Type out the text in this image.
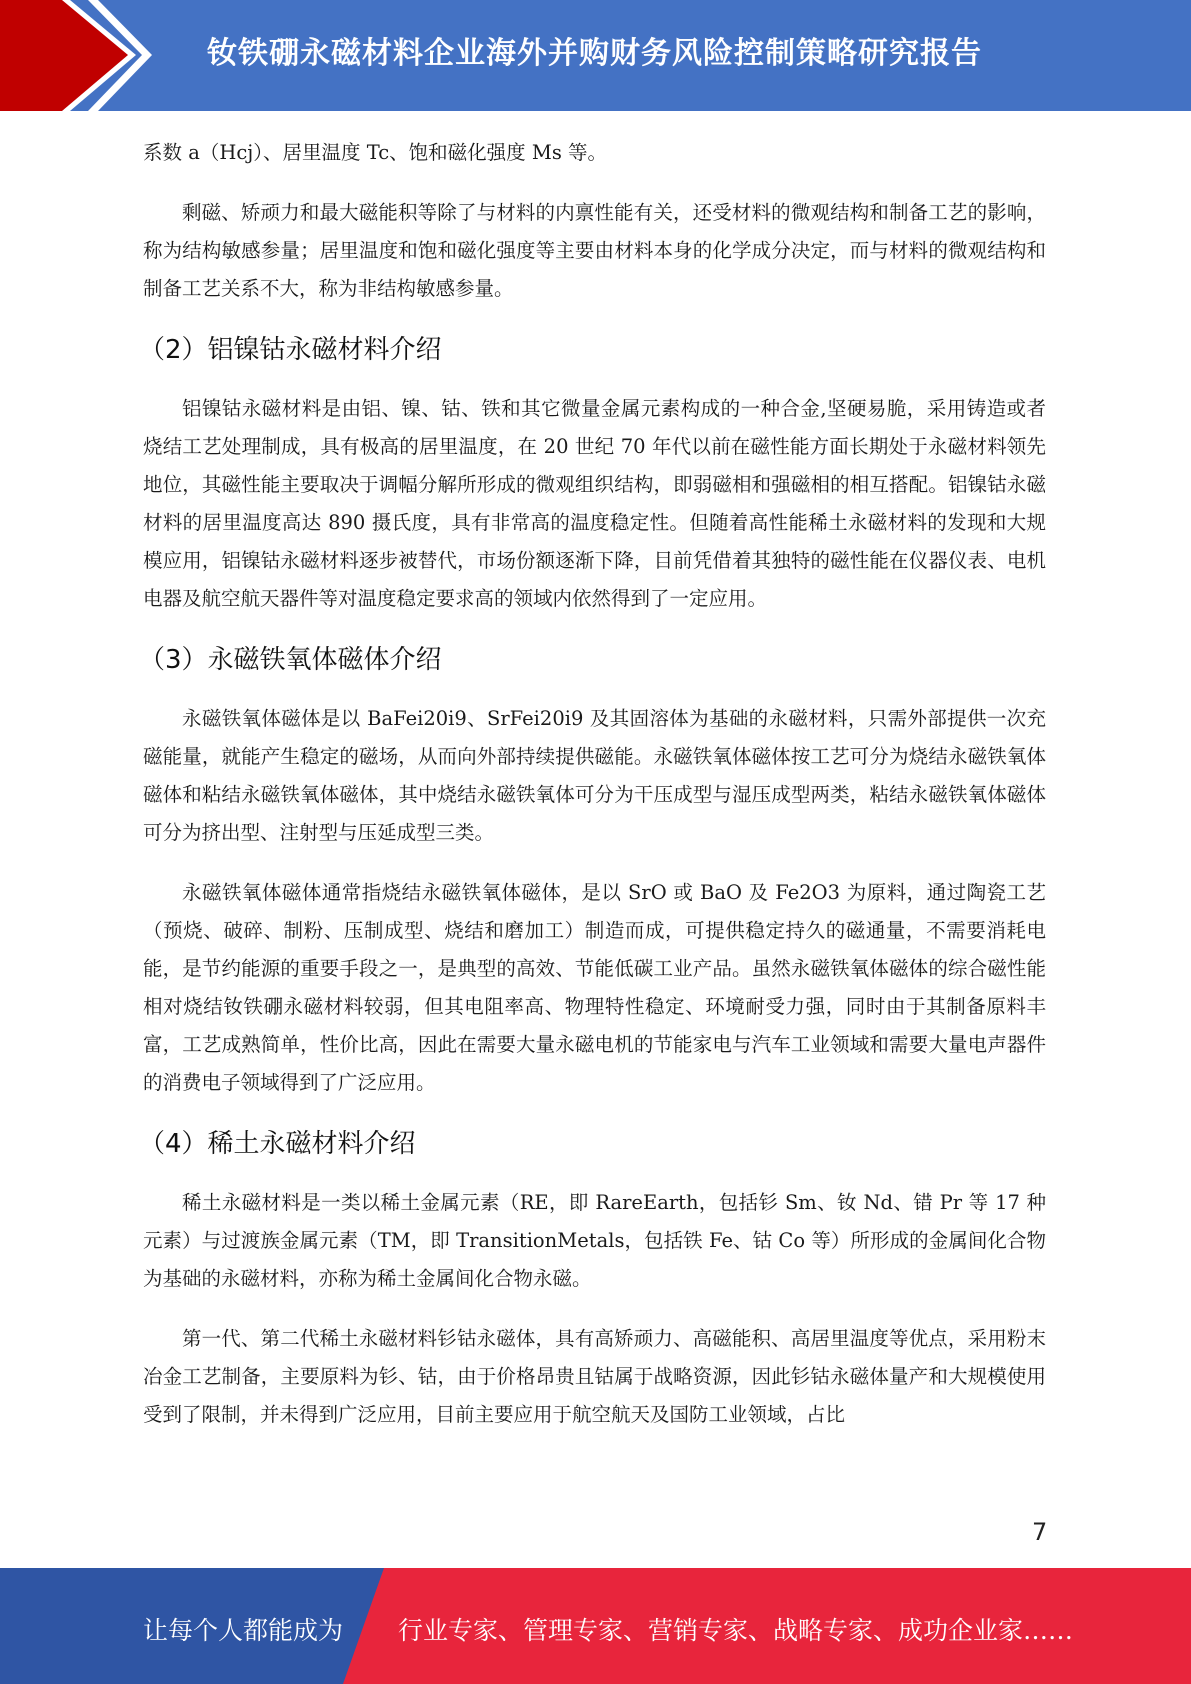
钕铁硼永磁材料企业海外并购财务风险控制策略研究报告

系数 a（Hcj）、居里温度 Tc、饱和磁化强度 Ms 等。

剩磁、矫顽力和最大磁能积等除了与材料的内禀性能有关，还受材料的微观结构和制备工艺的影响，称为结构敏感参量；居里温度和饱和磁化强度等主要由材料本身的化学成分决定，而与材料的微观结构和制备工艺关系不大，称为非结构敏感参量。

（2）铝镍钴永磁材料介绍

铝镍钴永磁材料是由铝、镍、钴、铁和其它微量金属元素构成的一种合金,坚硬易脆，采用铸造或者烧结工艺处理制成，具有极高的居里温度，在 20 世纪 70 年代以前在磁性能方面长期处于永磁材料领先地位，其磁性能主要取决于调幅分解所形成的微观组织结构，即弱磁相和强磁相的相互搭配。铝镍钴永磁材料的居里温度高达 890 摄氏度，具有非常高的温度稳定性。但随着高性能稀土永磁材料的发现和大规模应用，铝镍钴永磁材料逐步被替代，市场份额逐渐下降，目前凭借着其独特的磁性能在仪器仪表、电机电器及航空航天器件等对温度稳定要求高的领域内依然得到了一定应用。

（3）永磁铁氧体磁体介绍

永磁铁氧体磁体是以 BaFei20i9、SrFei20i9 及其固溶体为基础的永磁材料，只需外部提供一次充磁能量，就能产生稳定的磁场，从而向外部持续提供磁能。永磁铁氧体磁体按工艺可分为烧结永磁铁氧体磁体和粘结永磁铁氧体磁体，其中烧结永磁铁氧体可分为干压成型与湿压成型两类，粘结永磁铁氧体磁体可分为挤出型、注射型与压延成型三类。

永磁铁氧体磁体通常指烧结永磁铁氧体磁体，是以 SrO 或 BaO 及 Fe2O3 为原料，通过陶瓷工艺（预烧、破碎、制粉、压制成型、烧结和磨加工）制造而成，可提供稳定持久的磁通量，不需要消耗电能，是节约能源的重要手段之一，是典型的高效、节能低碳工业产品。虽然永磁铁氧体磁体的综合磁性能相对烧结钕铁硼永磁材料较弱，但其电阻率高、物理特性稳定、环境耐受力强，同时由于其制备原料丰富，工艺成熟简单，性价比高，因此在需要大量永磁电机的节能家电与汽车工业领域和需要大量电声器件的消费电子领域得到了广泛应用。

（4）稀土永磁材料介绍

稀土永磁材料是一类以稀土金属元素（RE，即 RareEarth，包括钐 Sm、钕 Nd、错 Pr 等 17 种元素）与过渡族金属元素（TM，即 TransitionMetals，包括铁 Fe、钴 Co 等）所形成的金属间化合物为基础的永磁材料，亦称为稀土金属间化合物永磁。

第一代、第二代稀土永磁材料钐钴永磁体，具有高矫顽力、高磁能积、高居里温度等优点，采用粉末冶金工艺制备，主要原料为钐、钴，由于价格昂贵且钴属于战略资源，因此钐钴永磁体量产和大规模使用受到了限制，并未得到广泛应用，目前主要应用于航空航天及国防工业领域，占比

7
让每个人都能成为 行业专家、管理专家、营销专家、战略专家、成功企业家……
